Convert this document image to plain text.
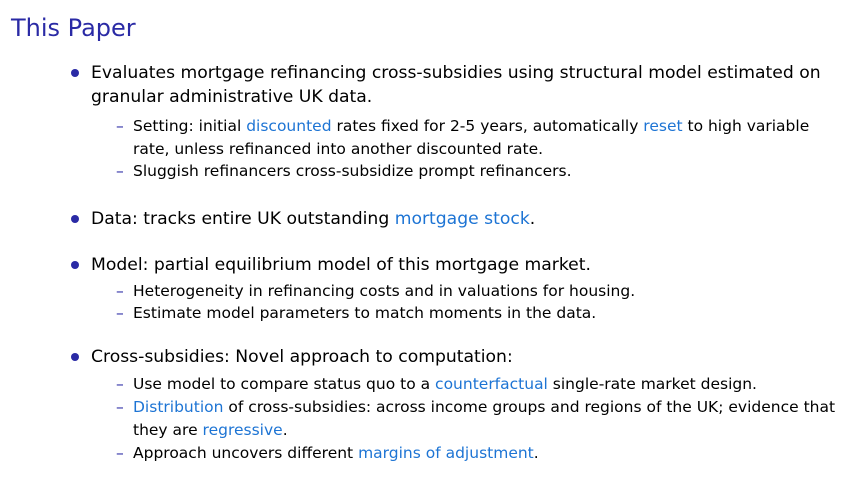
This Paper
Evaluates mortgage refinancing cross-subsidies using structural model estimated on granular administrative UK data.
– Setting: initial discounted rates fixed for 2-5 years, automatically reset to high variable rate, unless refinanced into another discounted rate.
– Sluggish refinancers cross-subsidize prompt refinancers.
Data: tracks entire UK outstanding mortgage stock.
Model: partial equilibrium model of this mortgage market.
– Heterogeneity in refinancing costs and in valuations for housing.
– Estimate model parameters to match moments in the data.
Cross-subsidies: Novel approach to computation:
– Use model to compare status quo to a counterfactual single-rate market design.
– Distribution of cross-subsidies: across income groups and regions of the UK; evidence that they are regressive.
– Approach uncovers different margins of adjustment.
